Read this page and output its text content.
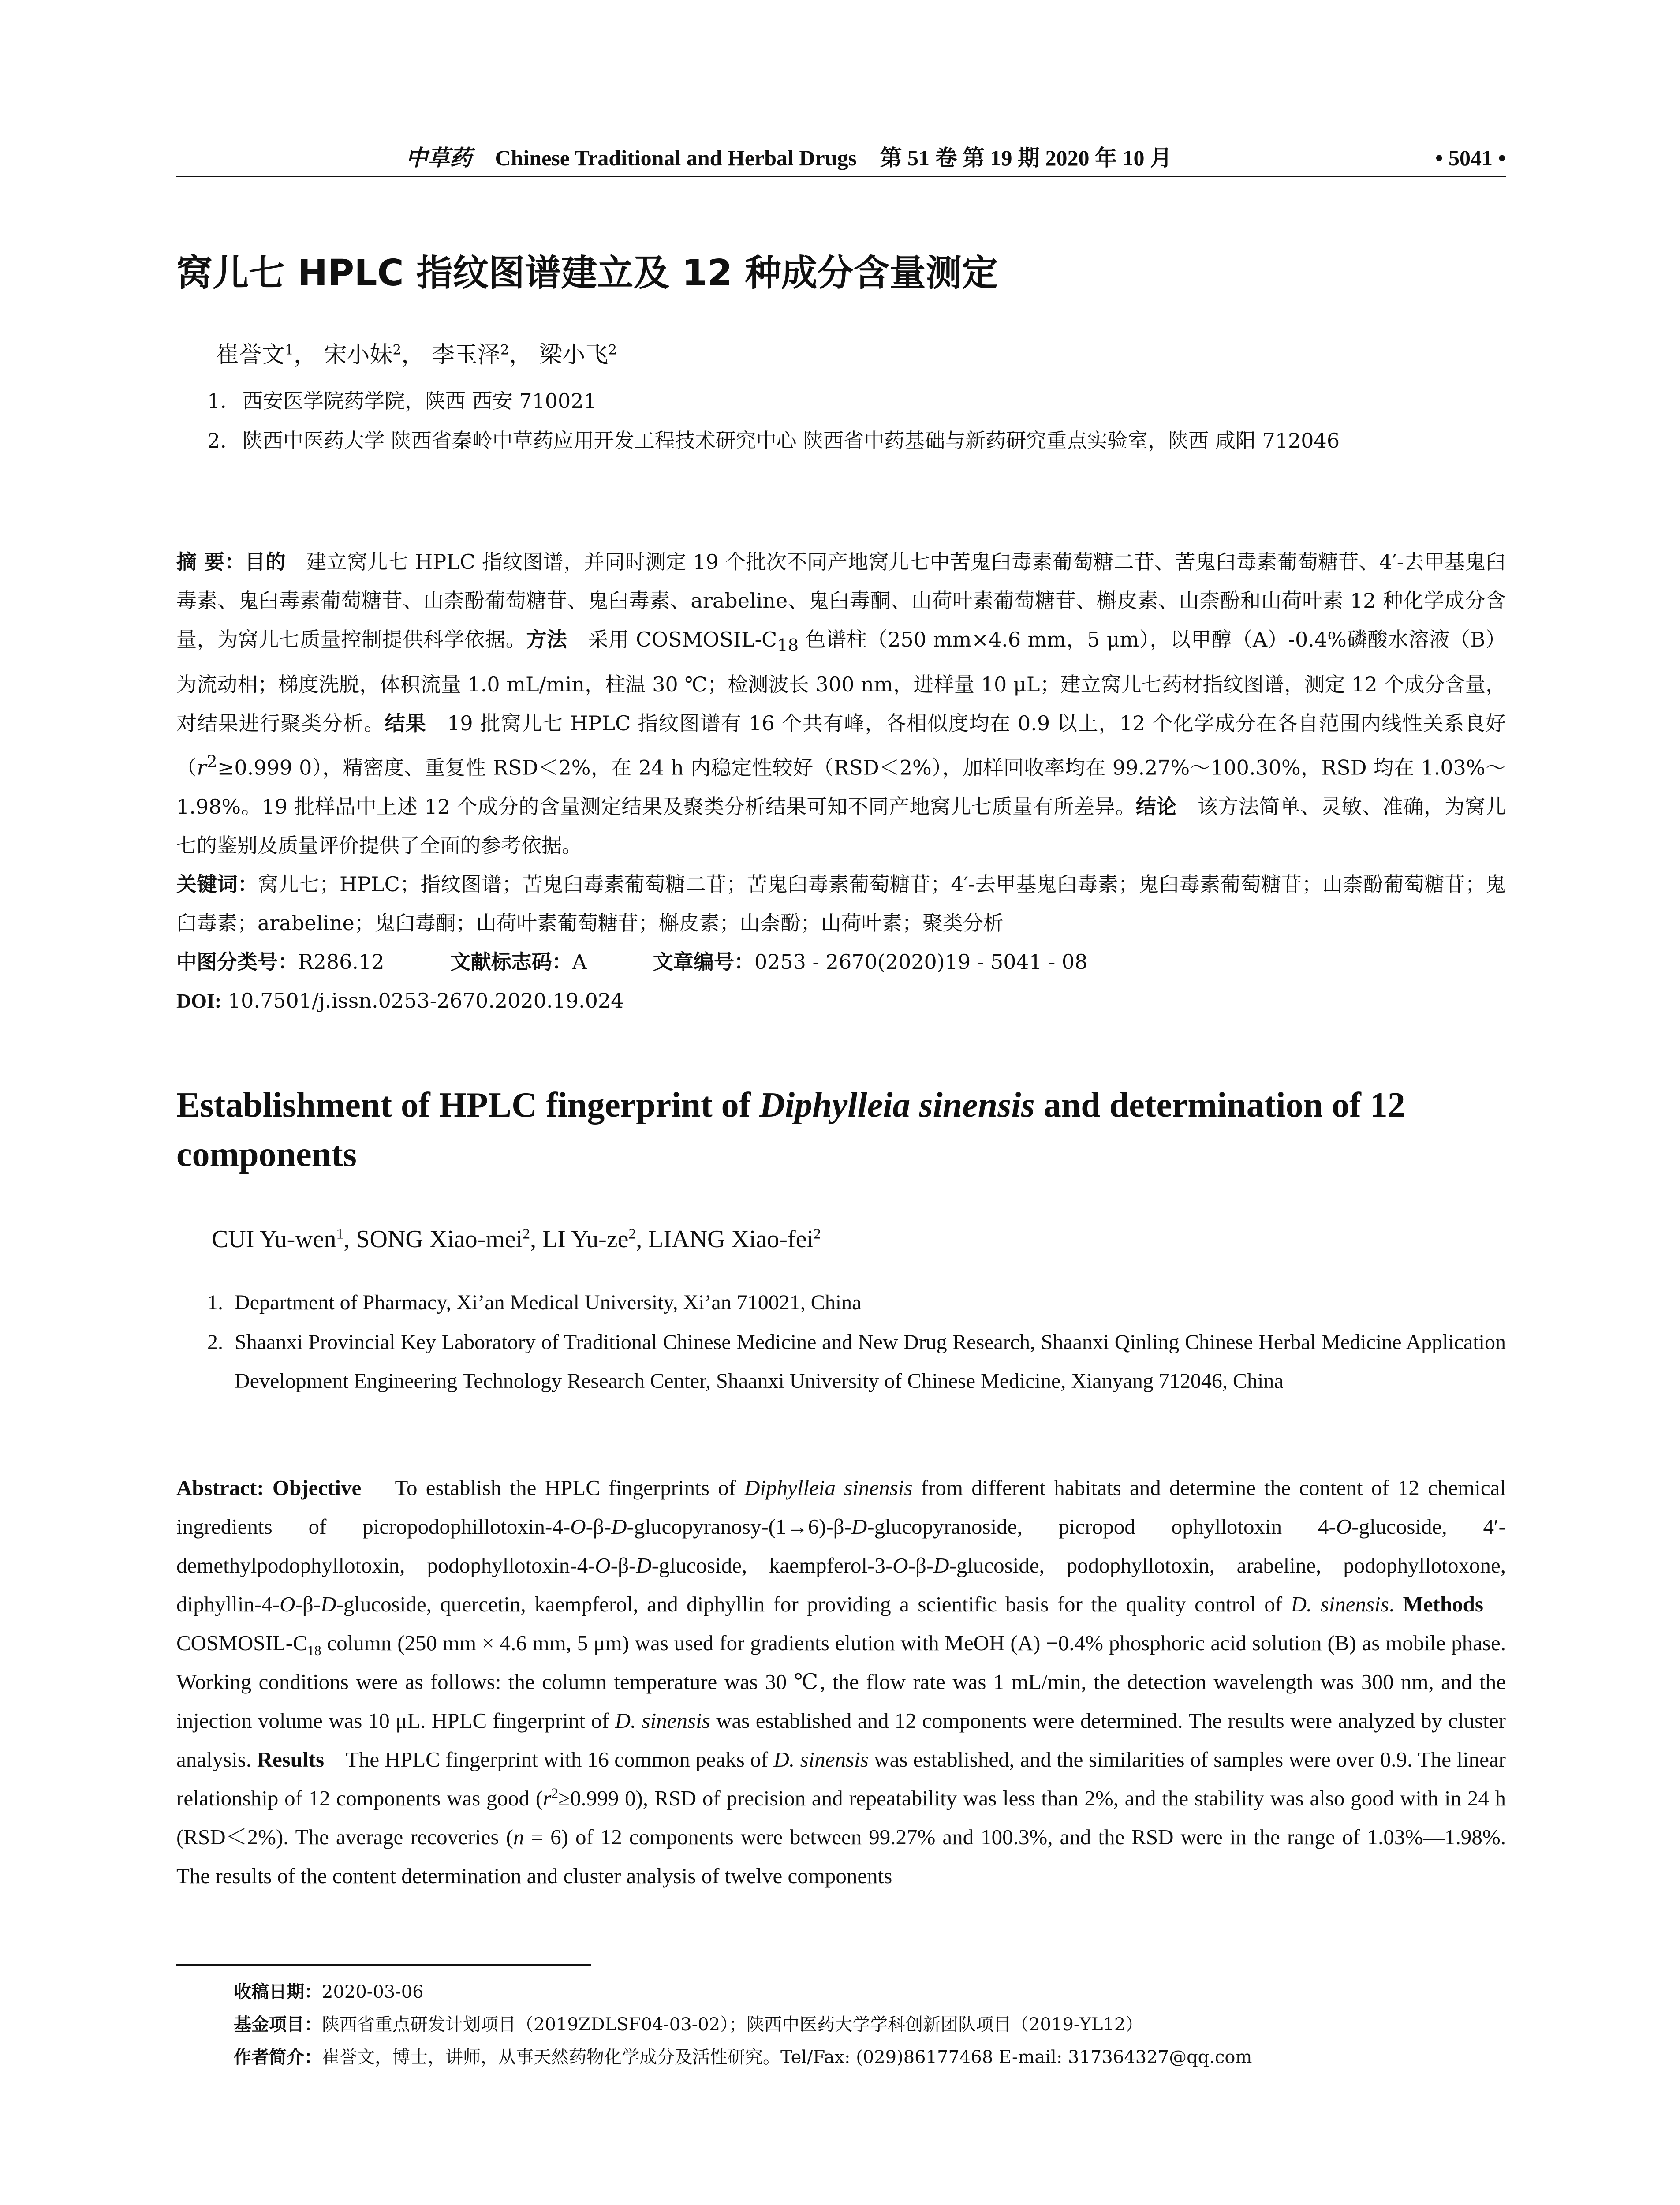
中草药 Chinese Traditional and Herbal Drugs 第 51 卷 第 19 期 2020 年 10 月	• 5041 •
窝儿七 HPLC 指纹图谱建立及 12 种成分含量测定
崔誉文$^1$， 宋小妹$^2$， 李玉泽$^2$， 梁小飞$^2$
1. 西安医学院药学院，陕西 西安 710021
2. 陕西中医药大学 陕西省秦岭中草药应用开发工程技术研究中心 陕西省中药基础与新药研究重点实验室，陕西 咸阳 712046

摘 要：目的　 建立窝儿七 HPLC 指纹图谱，并同时测定 19 个批次不同产地窝儿七中苦鬼臼毒素葡萄糖二苷、苦鬼臼毒素葡萄糖苷、4′-去甲基鬼臼毒素、鬼臼毒素葡萄糖苷、山柰酚葡萄糖苷、鬼臼毒素、arabeline、鬼臼毒酮、山荷叶素葡萄糖苷、槲皮素、山柰酚和山荷叶素 12 种化学成分含量，为窝儿七质量控制提供科学依据。方法　 采用 COSMOSIL-$C_{18}$ 色谱柱（250 mm×4.6 mm，5 μm），以甲醇（A）-0.4%磷酸水溶液（B）为流动相；梯度洗脱，体积流量 1.0 mL/min，柱温 30 ℃；检测波长 300 nm，进样量 10 μL；建立窝儿七药材指纹图谱，测定 12 个成分含量，对结果进行聚类分析。结果　 19 批窝儿七 HPLC 指纹图谱有 16 个共有峰，各相似度均在 0.9 以上，12 个化学成分在各自范围内线性关系良好（$r^2\ge 0.999$ 0），精密度、重复性 RSD＜2%，在 24 h 内稳定性较好（RSD＜2%），加样回收率均在 99.27%～100.30%，RSD 均在 1.03%～1.98%。19 批样品中上述 12 个成分的含量测定结果及聚类分析结果可知不同产地窝儿七质量有所差异。结论　 该方法简单、灵敏、准确，为窝儿七的鉴别及质量评价提供了全面的参考依据。

关键词：窝儿七；HPLC；指纹图谱；苦鬼臼毒素葡萄糖二苷；苦鬼臼毒素葡萄糖苷；4′-去甲基鬼臼毒素；鬼臼毒素葡萄糖苷；山柰酚葡萄糖苷；鬼臼毒素；arabeline；鬼臼毒酮；山荷叶素葡萄糖苷；槲皮素；山柰酚；山荷叶素；聚类分析

中图分类号：R286.12	文献标志码：A	文章编号：0253 - 2670(2020)19 - 5041 - 08

DOI: 10.7501/j.issn.0253-2670.2020.19.024

Establishment of HPLC fingerprint of Diphylleia sinensis and determination of 12 components
CUI Yu-wen$^1$, SONG Xiao-mei$^2$, LI $Yu-ze^2$, LIANG Xiao-fei$^2$
1. Department of Pharmacy, Xi’an Medical University, Xi’an 710021, China
2. Shaanxi Provincial Key Laboratory of Traditional Chinese Medicine and New Drug Research, Shaanxi Qinling Chinese Herbal Medicine Application Development Engineering Technology Research Center, Shaanxi University of Chinese Medicine, Xianyang 712046, China
Abstract: Objective To establish the HPLC fingerprints of Diphylleia sinensis from different habitats and determine the content of 12 chemical ingredients of picropodophillotoxin-4-O-β-D-glucopyranosy-(1→6)-β-D-glucopyranoside, picropod ophyllotoxin 4-O-glucoside, 4′-demethylpodophyllotoxin, podophyllotoxin-4-O-β-D-glucoside, kaempferol-3-O-β-D-glucoside, podophyllotoxin, arabeline, podophyllotoxone, diphyllin-4-O-β-D-glucoside, quercetin, kaempferol, and diphyllin for providing a scientific basis for the quality control of D. sinensis. Methods    COSMOSIL-$C_{18}$ column (250 mm × 4.6 mm, 5 μm) was used for gradients elution with MeOH (A) −0.4% phosphoric acid solution (B) as mobile phase. Working conditions were as follows: the column temperature was 30 ℃, the flow rate was 1 mL/min, the detection wavelength was 300 nm, and the injection volume was 10 μL. HPLC fingerprint of D. sinensis was established and 12 components were determined. The results were analyzed by cluster analysis. Results The HPLC fingerprint with 16 common peaks of D. sinensis was established, and the similarities of samples were over 0.9. The linear relationship of 12 components was good ($r^2\ge 0.999$ 0), RSD of precision and repeatability was less than 2%, and the stability was also good with in 24 h (RSD＜2%). The average recoveries (n = 6) of 12 components were between 99.27% and 100.3%, and the RSD were in the range of 1.03%—1.98%. The results of the content determination and cluster analysis of twelve components
收稿日期：2020-03-06
基金项目：陕西省重点研发计划项目（2019ZDLSF04-03-02）；陕西中医药大学学科创新团队项目（2019-YL12）
作者简介：崔誉文，博士，讲师，从事天然药物化学成分及活性研究。Tel/Fax: (029)86177468 E-mail: 317364327@qq.com
